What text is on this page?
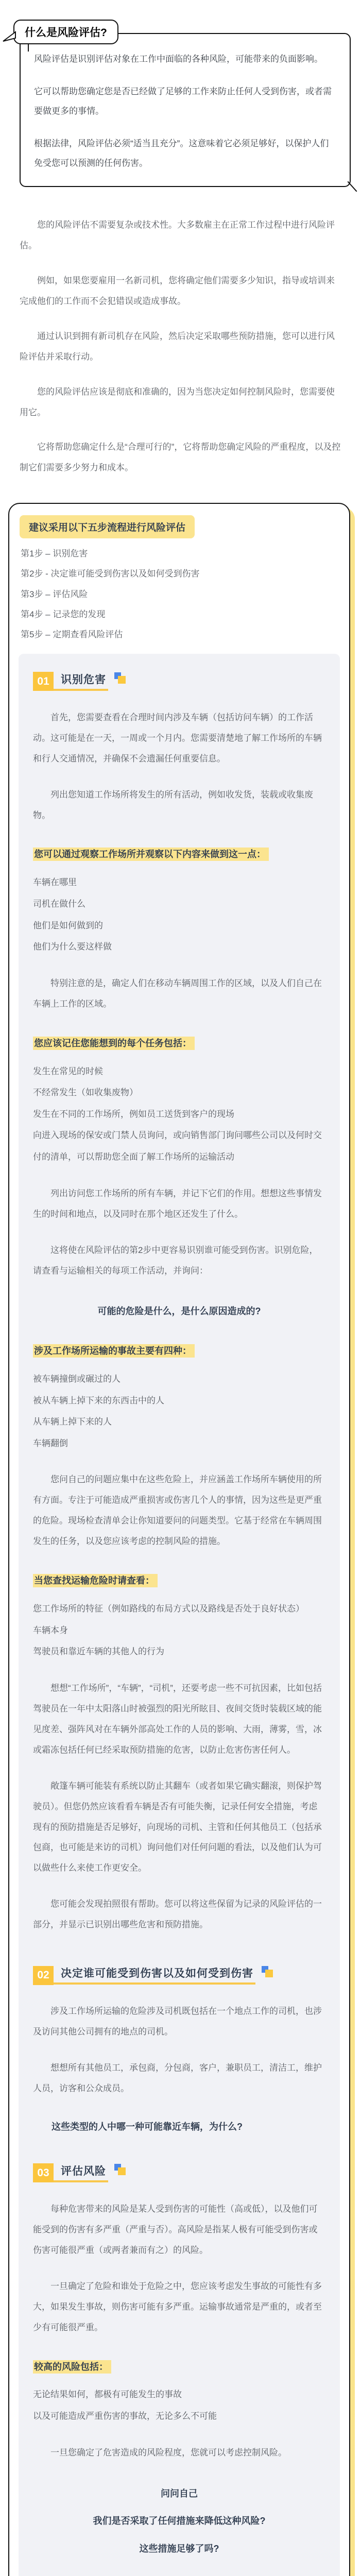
什么是风险评估?
风险评估是识别评估对象在工作中面临的各种风险，可能带来的负面影响。
它可以帮助您确定您是否已经做了足够的工作来防止任何人受到伤害，或者需要做更多的事情。
根据法律，风险评估必须“适当且充分”。这意味着它必须足够好，以保护人们免受您可以预测的任何伤害。
您的风险评估不需要复杂或技术性。大多数雇主在正常工作过程中进行风险评估。
例如，如果您要雇用一名新司机，您将确定他们需要多少知识，指导或培训来完成他们的工作而不会犯错误或造成事故。
通过认识到拥有新司机存在风险，然后决定采取哪些预防措施，您可以进行风险评估并采取行动。
您的风险评估应该是彻底和准确的，因为当您决定如何控制风险时，您需要使用它。
它将帮助您确定什么是“合理可行的”，它将帮助您确定风险的严重程度，以及控制它们需要多少努力和成本。
建议采用以下五步流程进行风险评估
第1步 – 识别危害
第2步 - 决定谁可能受到伤害以及如何受到伤害
第3步 – 评估风险
第4步 – 记录您的发现
第5步 – 定期查看风险评估
01	识别危害
首先，您需要查看在合理时间内涉及车辆（包括访问车辆）的工作活动。这可能是在一天，一周或一个月内。您需要清楚地了解工作场所的车辆和行人交通情况，并确保不会遗漏任何重要信息。
列出您知道工作场所将发生的所有活动，例如收发货，装载或收集废物。
您可以通过观察工作场所并观察以下内容来做到这一点：
车辆在哪里
司机在做什么
他们是如何做到的
他们为什么要这样做
特别注意的是，确定人们在移动车辆周围工作的区域，以及人们自己在车辆上工作的区域。
您应该记住您能想到的每个任务包括：
发生在常见的时候
不经常发生（如收集废物）
发生在不同的工作场所，例如员工送货到客户的现场
向进入现场的保安或门禁人员询问，或向销售部门询问哪些公司以及何时交付的清单，可以帮助您全面了解工作场所的运输活动
列出访问您工作场所的所有车辆，并记下它们的作用。想想这些事情发生的时间和地点，以及同时在那个地区还发生了什么。
这将使在风险评估的第2步中更容易识别谁可能受到伤害。识别危险，请查看与运输相关的每项工作活动，并询问：
可能的危险是什么，是什么原因造成的?
涉及工作场所运输的事故主要有四种：
被车辆撞倒或碾过的人
被从车辆上掉下来的东西击中的人
从车辆上掉下来的人
车辆翻倒
您问自己的问题应集中在这些危险上，并应涵盖工作场所车辆使用的所有方面。专注于可能造成严重损害或伤害几个人的事情，因为这些是更严重的危险。现场检查清单会让你知道要问的问题类型。它基于经常在车辆周围发生的任务，以及您应该考虑的控制风险的措施。
当您查找运输危险时请查看：
您工作场所的特征（例如路线的布局方式以及路线是否处于良好状态）
车辆本身
驾驶员和靠近车辆的其他人的行为
想想“工作场所”，“车辆”，“司机”，还要考虑一些不可抗因素，比如包括驾驶员在一年中太阳落山时被强烈的阳光所眩目、夜间交货时装载区域的能见度差、强阵风对在车辆外部高处工作的人员的影响、大雨，薄雾，雪，冰或霜冻包括任何已经采取预防措施的危害，以防止危害伤害任何人。
敞篷车辆可能装有系统以防止其翻车（或者如果它确实翻滚，则保护驾驶员）。但您仍然应该看看车辆是否有可能失衡，记录任何安全措施，考虑现有的预防措施是否足够好，向现场的司机、主管和任何其他员工（包括承包商，也可能是来访的司机）询问他们对任何问题的看法，以及他们认为可以做些什么来使工作更安全。
您可能会发现拍照很有帮助。您可以将这些保留为记录的风险评估的一部分，并显示已识别出哪些危害和预防措施。
02	决定谁可能受到伤害以及如何受到伤害
涉及工作场所运输的危险涉及司机既包括在一个地点工作的司机，也涉及访问其他公司拥有的地点的司机。
想想所有其他员工，承包商，分包商，客户，兼职员工，清洁工，维护人员，访客和公众成员。
这些类型的人中哪一种可能靠近车辆，为什么?
03	评估风险
每种危害带来的风险是某人受到伤害的可能性（高或低），以及他们可能受到的伤害有多严重（严重与否）。高风险是指某人极有可能受到伤害或伤害可能很严重（或两者兼而有之）的风险。
一旦确定了危险和谁处于危险之中，您应该考虑发生事故的可能性有多大，如果发生事故，则伤害可能有多严重。运输事故通常是严重的，或者至少有可能很严重。
较高的风险包括：
无论结果如何，都极有可能发生的事故
以及可能造成严重伤害的事故，无论多么不可能
一旦您确定了危害造成的风险程度，您就可以考虑控制风险。
问问自己
我们是否采取了任何措施来降低这种风险?
这些措施足够了吗?
